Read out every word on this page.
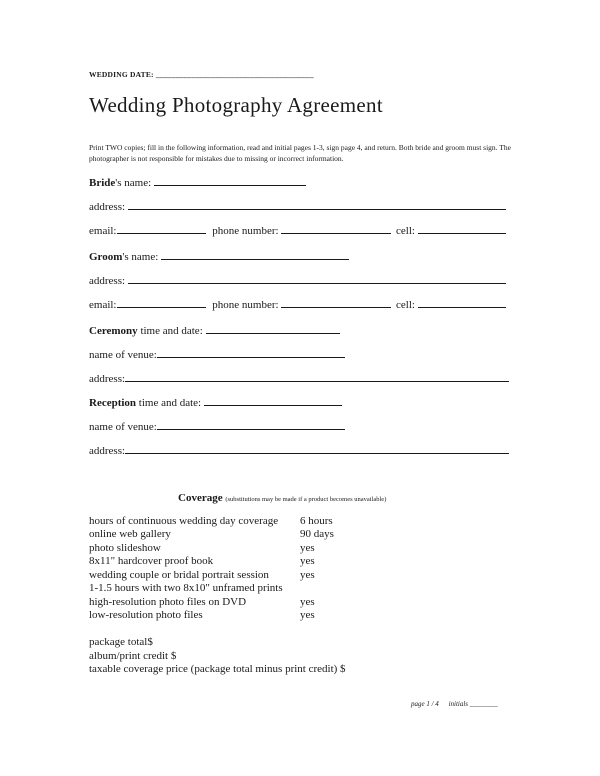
WEDDING DATE: ________________________________________
Wedding Photography Agreement
Print TWO copies; fill in the following information, read and initial pages 1-3, sign page 4, and return. Both bride and groom must sign. The photographer is not responsible for mistakes due to missing or incorrect information.
Bride's name:
address:
email:	phone number:	cell:
Groom's name:
address:
email:	phone number:	cell:
Ceremony time and date:
name of venue:
address:
Reception time and date:
name of venue:
address:
Coverage (substitutions may be made if a product becomes unavailable)
hours of continuous wedding day coverage 6 hours
online web gallery	90 days
photo slideshow	yes
8x11" hardcover proof book	yes
wedding couple or bridal portrait session	yes
1-1.5 hours with two 8x10" unframed prints
high-resolution photo files on DVD	yes
low-resolution photo files	yes
package total$
album/print credit $
taxable coverage price (package total minus print credit) $
page 1 / 4 initials ________
